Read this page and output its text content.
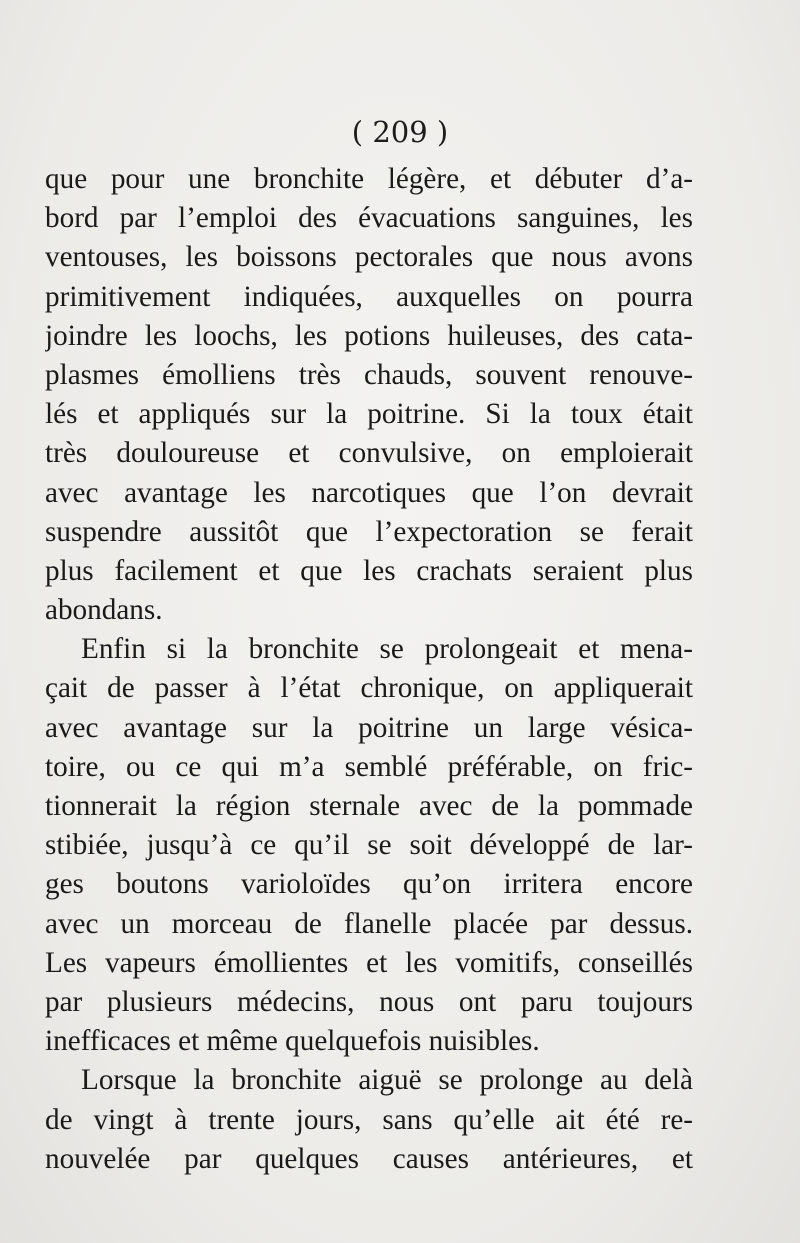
( 209 )
que pour une bronchite légère, et débuter d’a-
bord par l’emploi des évacuations sanguines, les
ventouses, les boissons pectorales que nous avons
primitivement indiquées, auxquelles on pourra
joindre les loochs, les potions huileuses, des cata-
plasmes émolliens très chauds, souvent renouve-
lés et appliqués sur la poitrine. Si la toux était
très douloureuse et convulsive, on emploierait
avec avantage les narcotiques que l’on devrait
suspendre aussitôt que l’expectoration se ferait
plus facilement et que les crachats seraient plus
abondans.
Enfin si la bronchite se prolongeait et mena-
çait de passer à l’état chronique, on appliquerait
avec avantage sur la poitrine un large vésica-
toire, ou ce qui m’a semblé préférable, on fric-
tionnerait la région sternale avec de la pommade
stibiée, jusqu’à ce qu’il se soit développé de lar-
ges boutons varioloïdes qu’on irritera encore
avec un morceau de flanelle placée par dessus.
Les vapeurs émollientes et les vomitifs, conseillés
par plusieurs médecins, nous ont paru toujours
inefficaces et même quelquefois nuisibles.
Lorsque la bronchite aiguë se prolonge au delà
de vingt à trente jours, sans qu’elle ait été re-
nouvelée par quelques causes antérieures, et
